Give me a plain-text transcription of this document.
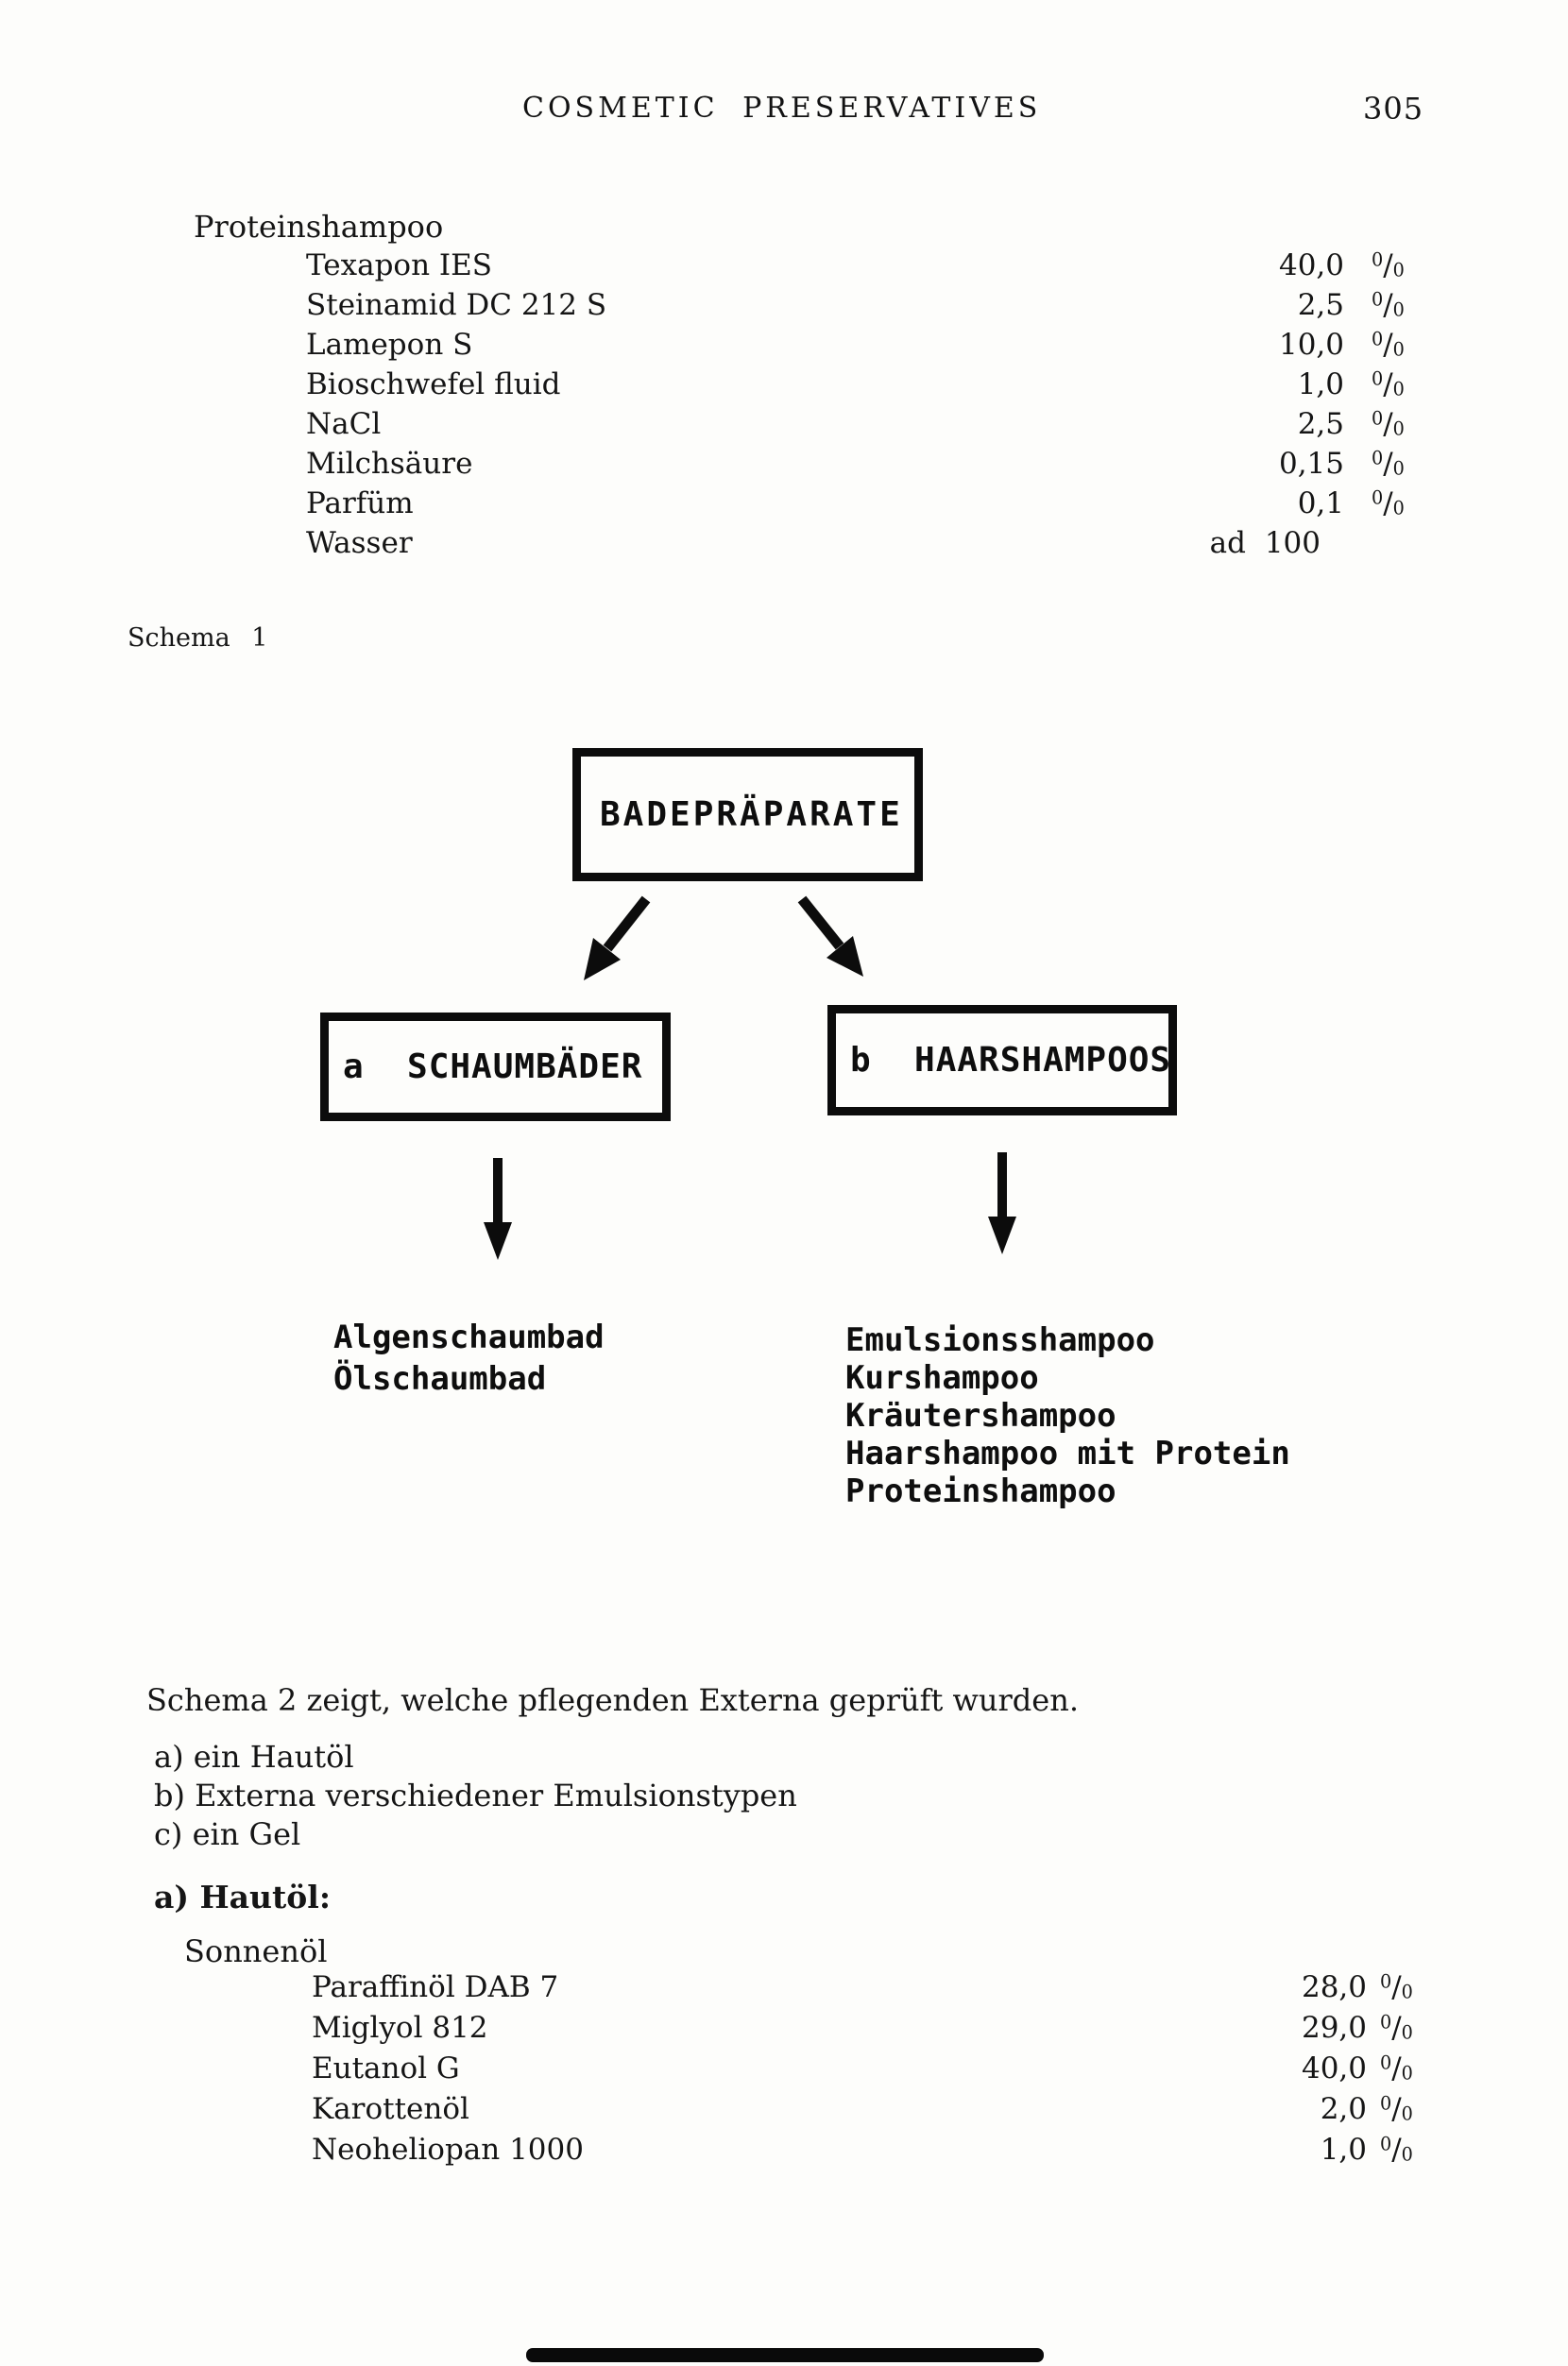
COSMETIC PRESERVATIVES	305
Proteinshampoo
Texapon IES	40,0 $^0$/0
Steinamid DC 212 S	2,5 $^0$/0
Lamepon S	10,0 $^0$/0
Bioschwefel fluid	1,0 $^0$/0
NaCl	2,5 $^0$/0
Milchsäure	0,15 $^0$/0
Parfüm	0,1 $^0$/0
Wasser	ad 100
Schema 1
BADEPRÄPARATE
a  SCHAUMBÄDER	b  HAARSHAMPOOS
Algenschaumbad
Ölschaumbad
Emulsionsshampoo
Kurshampoo
Kräutershampoo
Haarshampoo mit Protein
Proteinshampoo
Schema 2 zeigt, welche pflegenden Externa geprüft wurden.
a) ein Hautöl
b) Externa verschiedener Emulsionstypen
c) ein Gel
a) Hautöl:
Sonnenöl
Paraffinöl DAB 7	28,0 $^0$/0
Miglyol 812	29,0 $^0$/0
Eutanol G	40,0 $^0$/0
Karottenöl	2,0 $^0$/0
Neoheliopan 1000	1,0 $^0$/0
